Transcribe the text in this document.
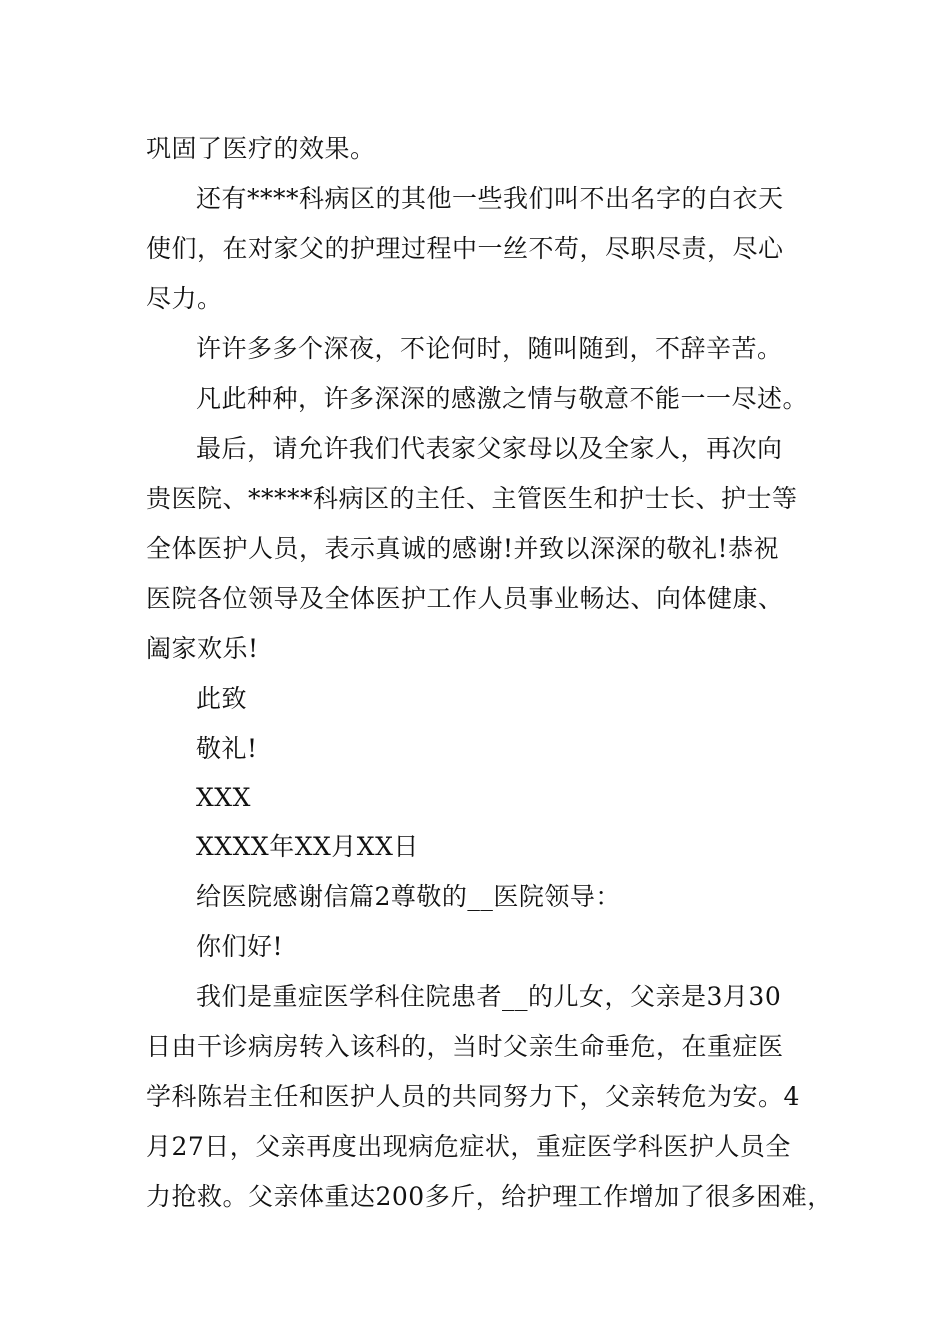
巩固了医疗的效果。
还有****科病区的其他一些我们叫不出名字的白衣天
使们，在对家父的护理过程中一丝不苟，尽职尽责，尽心
尽力。
许许多多个深夜，不论何时，随叫随到，不辞辛苦。
凡此种种，许多深深的感激之情与敬意不能一一尽述。
最后，请允许我们代表家父家母以及全家人，再次向
贵医院、*****科病区的主任、主管医生和护士长、护士等
全体医护人员，表示真诚的感谢!并致以深深的敬礼!恭祝
医院各位领导及全体医护工作人员事业畅达、向体健康、
阖家欢乐!
此致
敬礼!
XXX
XXXX年XX月XX日
给医院感谢信篇2尊敬的__医院领导：
你们好!
我们是重症医学科住院患者__的儿女，父亲是3月30
日由干诊病房转入该科的，当时父亲生命垂危，在重症医
学科陈岩主任和医护人员的共同努力下，父亲转危为安。4
月27日，父亲再度出现病危症状，重症医学科医护人员全
力抢救。父亲体重达200多斤，给护理工作增加了很多困难，
